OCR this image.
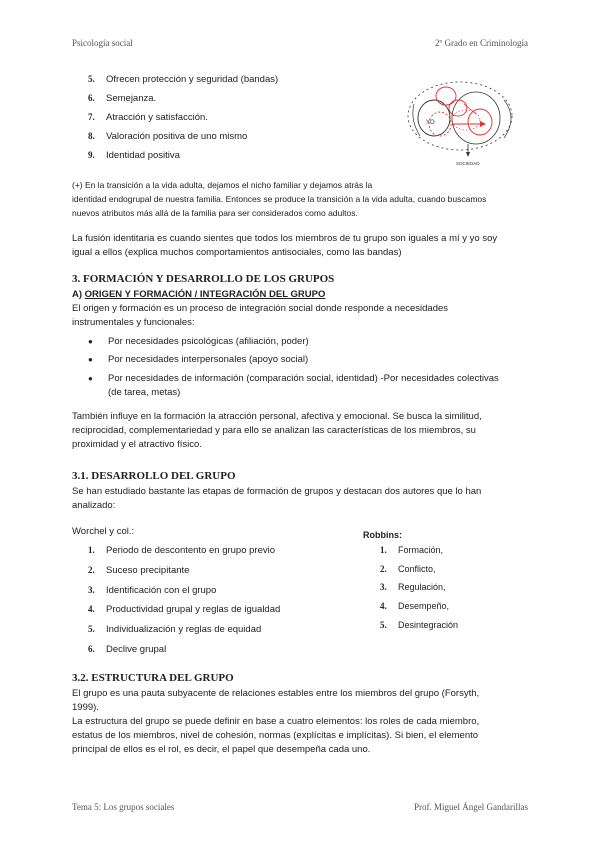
Psicología social	2º Grado en Criminología
5. Ofrecen protección y seguridad (bandas)
6. Semejanza.
7. Atracción y satisfacción.
8. Valoración positiva de uno mismo
9. Identidad positiva
YO
SOCIEDAD
(+) En la transición a la vida adulta, dejamos el nicho familiar y dejamos atrás la
identidad endogrupal de nuestra familia. Entonces se produce la transición a la vida adulta, cuando buscamos
nuevos atributos más allá de la familia para ser considerados como adultos.
La fusión identitaria es cuando sientes que todos los miembros de tu grupo son iguales a mí y yo soy
igual a ellos (explica muchos comportamientos antisociales, como las bandas)
3. FORMACIÓN Y DESARROLLO DE LOS GRUPOS
A) ORIGEN Y FORMACIÓN / INTEGRACIÓN DEL GRUPO
El origen y formación es un proceso de integración social donde responde a necesidades
instrumentales y funcionales:
● Por necesidades psicológicas (afiliación, poder)
● Por necesidades interpersonales (apoyo social)
● Por necesidades de información (comparación social, identidad) -Por necesidades colectivas
(de tarea, metas)
También influye en la formación la atracción personal, afectiva y emocional. Se busca la similitud,
reciprocidad, complementariedad y para ello se analizan las características de los miembros, su
proximidad y el atractivo físico.
3.1. DESARROLLO DEL GRUPO
Se han estudiado bastante las etapas de formación de grupos y destacan dos autores que lo han
analizado:
Worchel y col.:
1. Periodo de descontento en grupo previo
2. Suceso precipitante
3. Identificación con el grupo
4. Productividad grupal y reglas de igualdad
5. Individualización y reglas de equidad
6. Declive grupal
Robbins:
1. Formación,
2. Conflicto,
3. Regulación,
4. Desempeño,
5. Desintegración
3.2. ESTRUCTURA DEL GRUPO
El grupo es una pauta subyacente de relaciones estables entre los miembros del grupo (Forsyth,
1999).
La estructura del grupo se puede definir en base a cuatro elementos: los roles de cada miembro,
estatus de los miembros, nivel de cohesión, normas (explícitas e implícitas). Si bien, el elemento
principal de ellos es el rol, es decir, el papel que desempeña cada uno.
Tema 5: Los grupos sociales	Prof. Miguel Ángel Gandarillas
